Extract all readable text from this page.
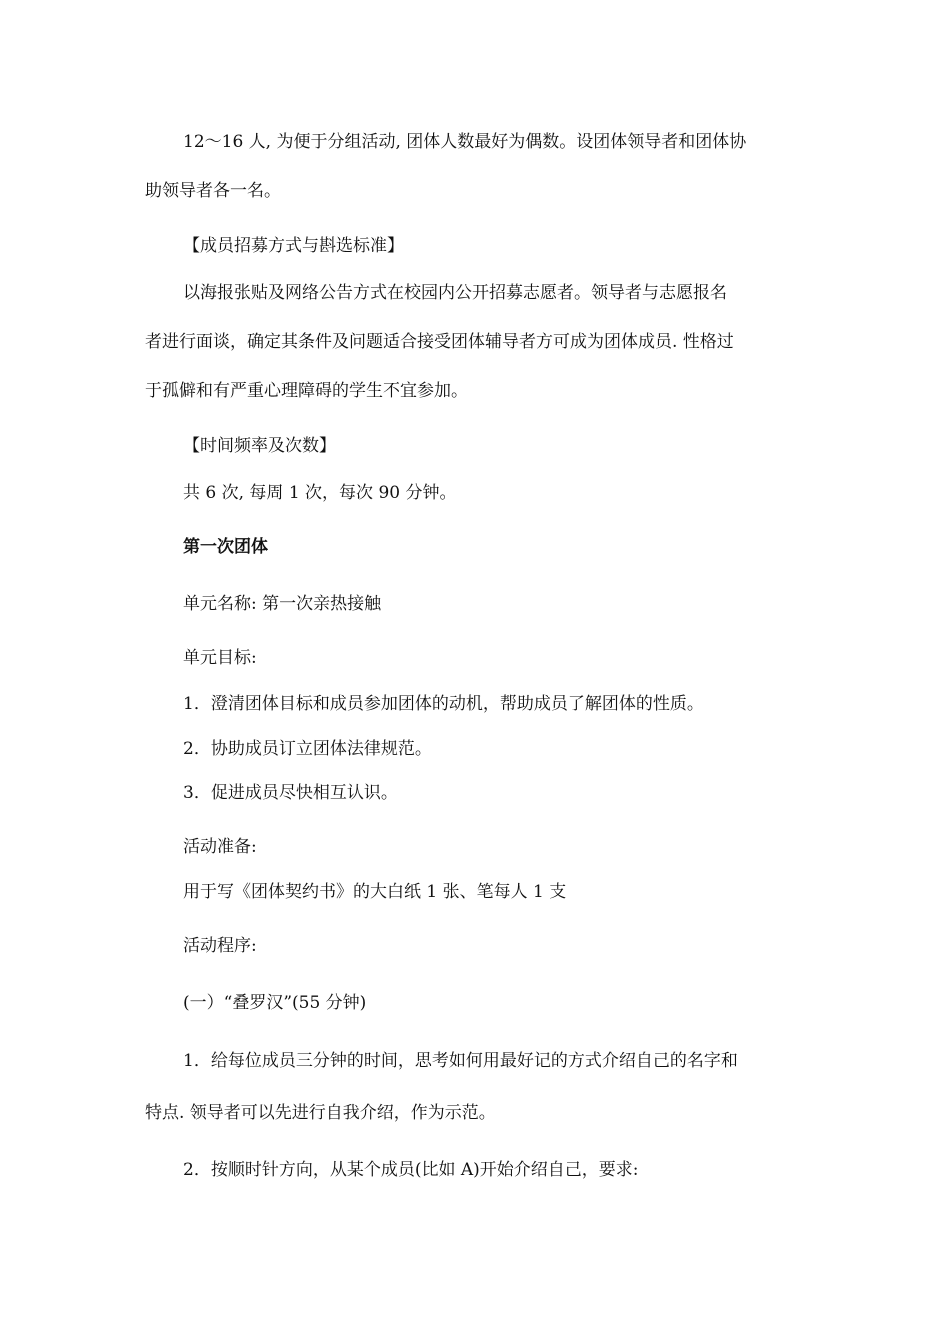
12～16 人, 为便于分组活动, 团体人数最好为偶数。设团体领导者和团体协
助领导者各一名。
【成员招募方式与斟选标准】
以海报张贴及网络公告方式在校园内公开招募志愿者。领导者与志愿报名
者进行面谈，确定其条件及问题适合接受团体辅导者方可成为团体成员. 性格过
于孤僻和有严重心理障碍的学生不宜参加。
【时间频率及次数】
共 6 次, 每周 1 次，每次 90 分钟。
第一次团体
单元名称: 第一次亲热接触
单元目标:
1．澄清团体目标和成员参加团体的动机，帮助成员了解团体的性质。
2．协助成员订立团体法律规范。
3．促进成员尽快相互认识。
活动准备:
用于写《团体契约书》的大白纸 1 张、笔每人 1 支
活动程序:
(一）“叠罗汉”(55 分钟)
1．给每位成员三分钟的时间，思考如何用最好记的方式介绍自己的名字和
特点. 领导者可以先进行自我介绍，作为示范。
2．按顺时针方向，从某个成员(比如 A)开始介绍自己，要求:
